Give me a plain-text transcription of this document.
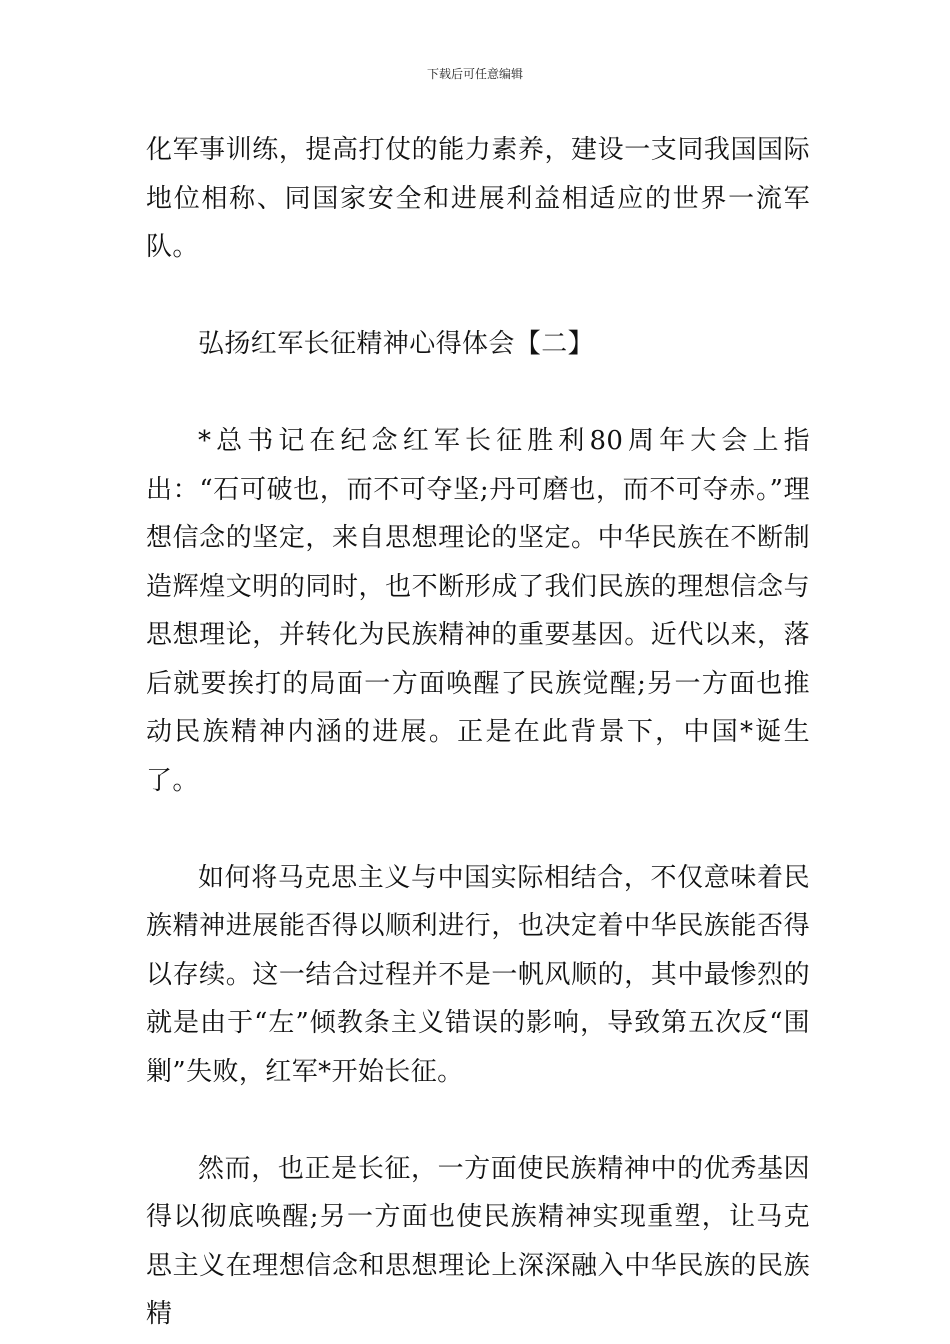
下载后可任意编辑

化军事训练，提高打仗的能力素养，建设一支同我国国际地位相称、同国家安全和进展利益相适应的世界一流军队。

弘扬红军长征精神心得体会【二】

*总书记在纪念红军长征胜利80周年大会上指出：“石可破也，而不可夺坚;丹可磨也，而不可夺赤。”理想信念的坚定，来自思想理论的坚定。中华民族在不断制造辉煌文明的同时，也不断形成了我们民族的理想信念与思想理论，并转化为民族精神的重要基因。近代以来，落后就要挨打的局面一方面唤醒了民族觉醒;另一方面也推动民族精神内涵的进展。正是在此背景下，中国*诞生了。

如何将马克思主义与中国实际相结合，不仅意味着民族精神进展能否得以顺利进行，也决定着中华民族能否得以存续。这一结合过程并不是一帆风顺的，其中最惨烈的就是由于“左”倾教条主义错误的影响，导致第五次反“围剿”失败，红军*开始长征。

然而，也正是长征，一方面使民族精神中的优秀基因得以彻底唤醒;另一方面也使民族精神实现重塑，让马克思主义在理想信念和思想理论上深深融入中华民族的民族精
